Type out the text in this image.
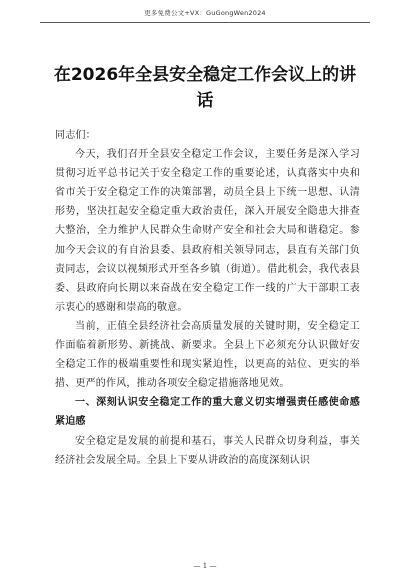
更多免费公文+VX：GuGongWen2024
在2026年全县安全稳定工作会议上的讲话

同志们：

今天，我们召开全县安全稳定工作会议，主要任务是深入学习贯彻习近平总书记关于安全稳定工作的重要论述，认真落实中央和省市关于安全稳定工作的决策部署，动员全县上下统一思想、认清形势，坚决扛起安全稳定重大政治责任，深入开展安全隐患大排查大整治，全力维护人民群众生命财产安全和社会大局和谐稳定。参加今天会议的有自治县委、县政府相关领导同志，县直有关部门负责同志，会议以视频形式开至各乡镇（街道）。借此机会，我代表县委、县政府向长期以来奋战在安全稳定工作一线的广大干部职工表示衷心的感谢和崇高的敬意。

当前，正值全县经济社会高质量发展的关键时期，安全稳定工作面临着新形势、新挑战、新要求。全县上下必须充分认识做好安全稳定工作的极端重要性和现实紧迫性，以更高的站位、更实的举措、更严的作风，推动各项安全稳定措施落地见效。

一、深刻认识安全稳定工作的重大意义切实增强责任感使命感紧迫感

安全稳定是发展的前提和基石，事关人民群众切身利益，事关经济社会发展全局。全县上下要从讲政治的高度深刻认识

— 1 —
